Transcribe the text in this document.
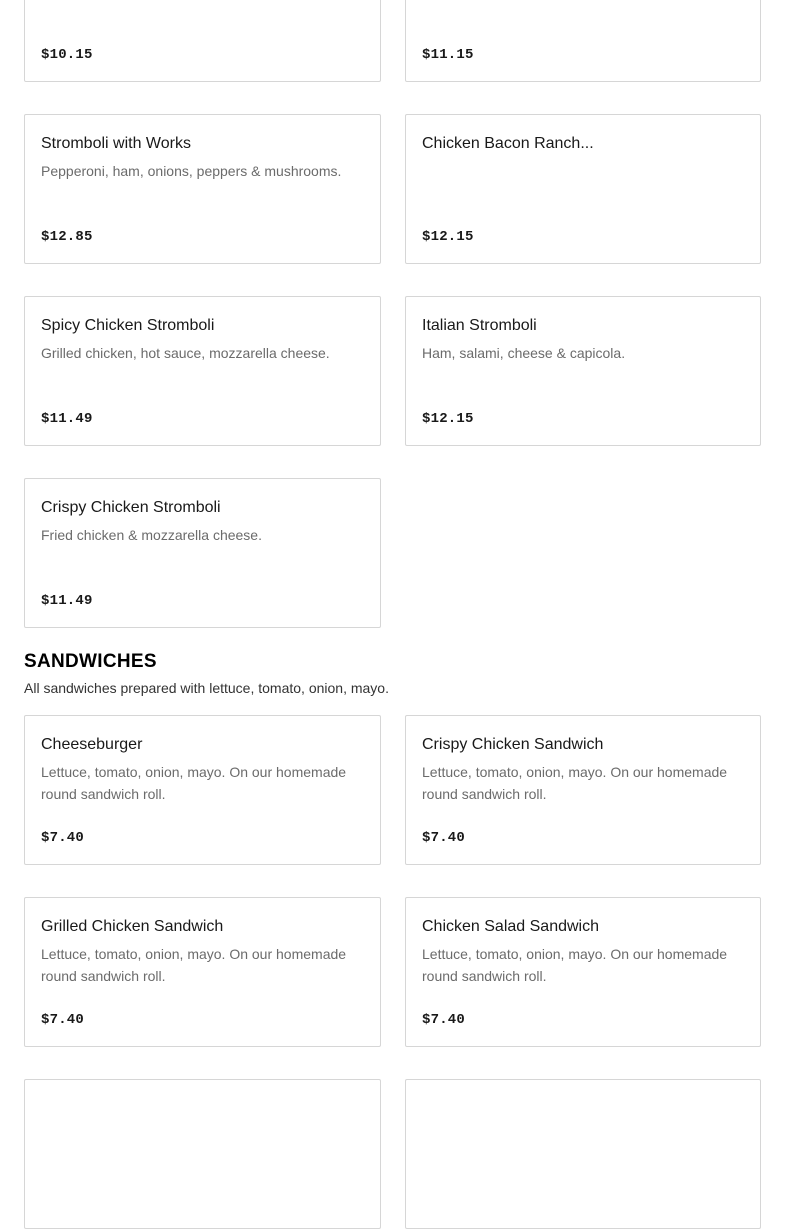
$10.15	$11.15
Stromboli with Works
Pepperoni, ham, onions, peppers & mushrooms.
$12.85
Chicken Bacon Ranch...
$12.15
Spicy Chicken Stromboli
Grilled chicken, hot sauce, mozzarella cheese.
$11.49
Italian Stromboli
Ham, salami, cheese & capicola.
$12.15
Crispy Chicken Stromboli
Fried chicken & mozzarella cheese.
$11.49
SANDWICHES
All sandwiches prepared with lettuce, tomato, onion, mayo.
Cheeseburger
Lettuce, tomato, onion, mayo. On our homemade round sandwich roll.
$7.40
Crispy Chicken Sandwich
Lettuce, tomato, onion, mayo. On our homemade round sandwich roll.
$7.40
Grilled Chicken Sandwich
Lettuce, tomato, onion, mayo. On our homemade round sandwich roll.
$7.40
Chicken Salad Sandwich
Lettuce, tomato, onion, mayo. On our homemade round sandwich roll.
$7.40
